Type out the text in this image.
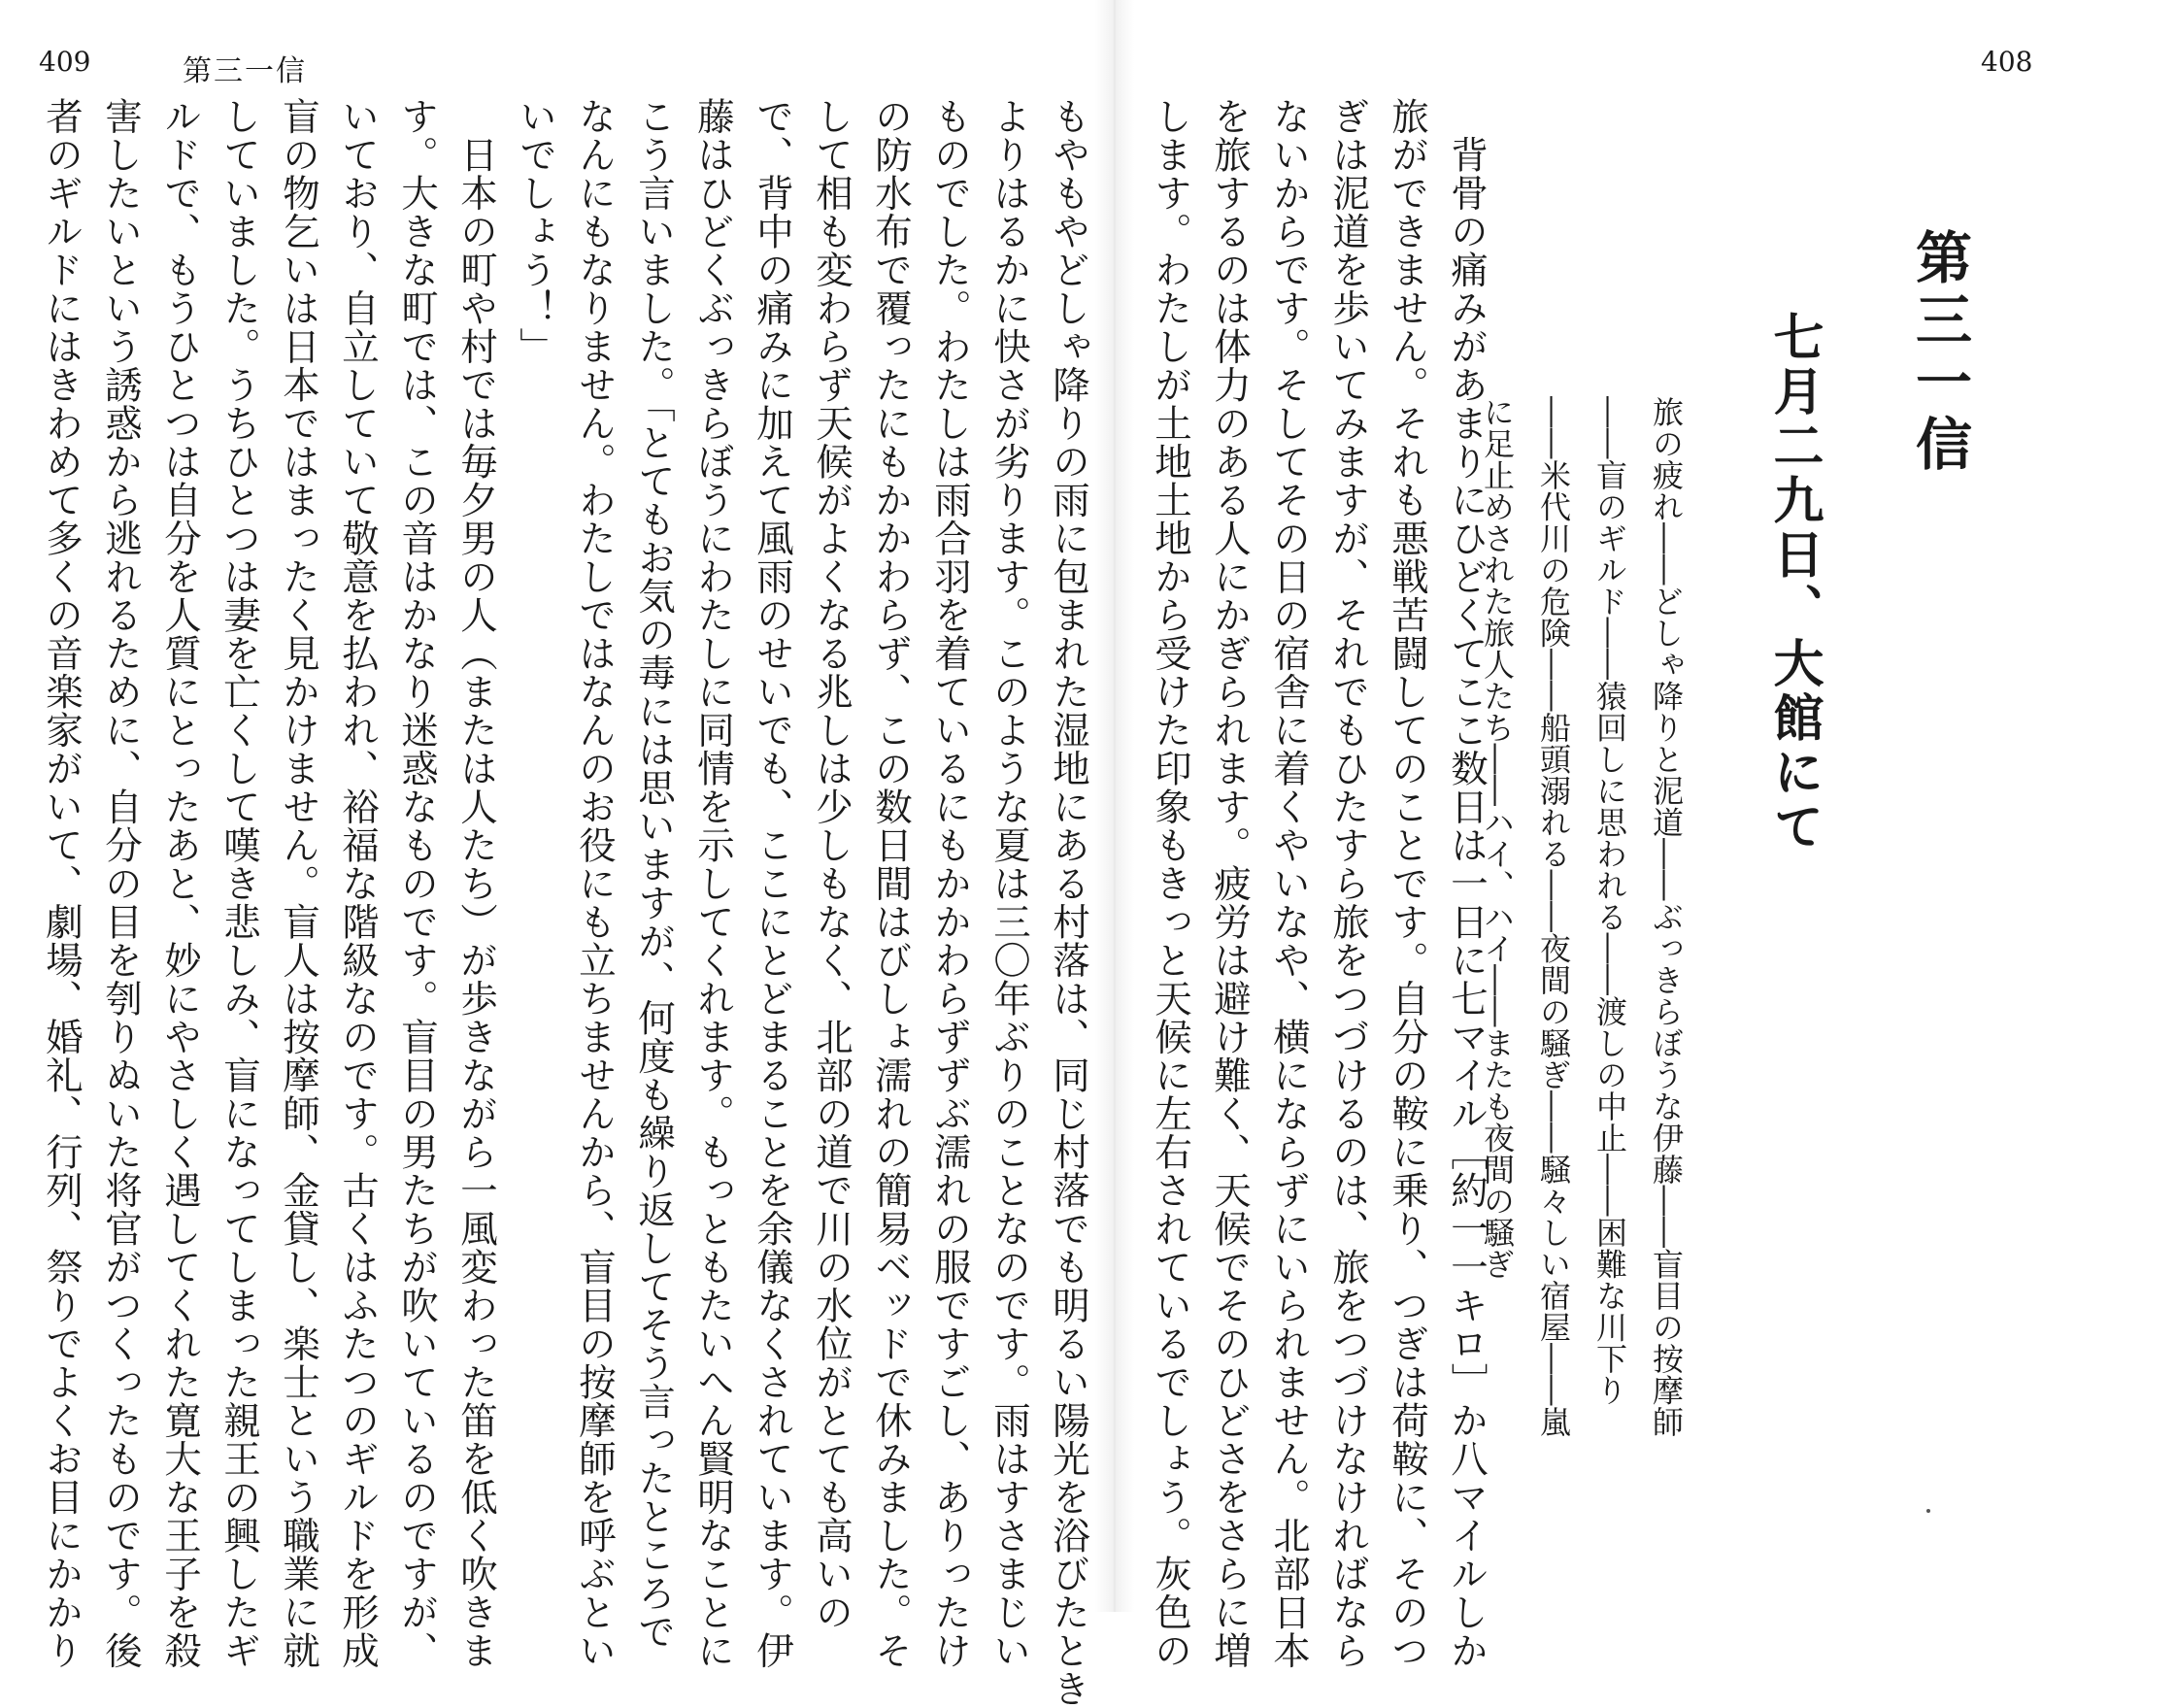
409	第三一信	408
者のギルドにはきわめて多くの音楽家がいて、劇場、婚礼、行列、祭りでよくお目にかかり 害したいという誘惑から逃れるために、自分の目を刳りぬいた将官がつくったものです。後 ルドで、もうひとつは自分を人質にとったあと、妙にやさしく遇してくれた寛大な王子を殺 していました。うちひとつは妻を亡くして嘆き悲しみ、盲になってしまった親王の興したギ 盲の物乞いは日本ではまったく見かけません。盲人は按摩師、金貸し、楽士という職業に就 いており、自立していて敬意を払われ、裕福な階級なのです。古くはふたつのギルドを形成 す。大きな町では、この音はかなり迷惑なものです。盲目の男たちが吹いているのですが、 　日本の町や村では毎夕男の人（または人たち）が歩きながら一風変わった笛を低く吹きま いでしょう！」 なんにもなりません。わたしではなんのお役にも立ちませんから、盲目の按摩師を呼ぶとい こう言いました。「とてもお気の毒には思いますが、何度も繰り返してそう言ったところで 藤はひどくぶっきらぼうにわたしに同情を示してくれます。もっともたいへん賢明なことに で、背中の痛みに加えて風雨のせいでも、ここにとどまることを余儀なくされています。伊 して相も変わらず天候がよくなる兆しは少しもなく、北部の道で川の水位がとても高いの の防水布で覆ったにもかかわらず、この数日間はびしょ濡れの簡易ベッドで休みました。そ ものでした。わたしは雨合羽を着ているにもかかわらずずぶ濡れの服ですごし、ありったけ よりはるかに快さが劣ります。このような夏は三〇年ぶりのことなのです。雨はすさまじい もやもやどしゃ降りの雨に包まれた湿地にある村落は、同じ村落でも明るい陽光を浴びたとき します。わたしが土地土地から受けた印象もきっと天候に左右されているでしょう。灰色の を旅するのは体力のある人にかぎられます。疲労は避け難く、天候でそのひどさをさらに増 ないからです。そしてその日の宿舎に着くやいなや、横にならずにいられません。北部日本 ぎは泥道を歩いてみますが、それでもひたすら旅をつづけるのは、旅をつづけなければなら 旅ができません。それも悪戦苦闘してのことです。自分の鞍に乗り、つぎは荷鞍に、そのつ 　背骨の痛みがあまりにひどくてここ数日は一日に七マイル［約一一キロ］か八マイルしか
に足止めされた旅人たち――ハイ、ハイ――またも夜間の騒ぎ ――米代川の危険――船頭溺れる――夜間の騒ぎ――騒々しい宿屋――嵐 ――盲のギルド――猿回しに思われる――渡しの中止――困難な川下り 旅の疲れ――どしゃ降りと泥道――ぶっきらぼうな伊藤――盲目の按摩師 七月二九日、大館にて 第三一信
